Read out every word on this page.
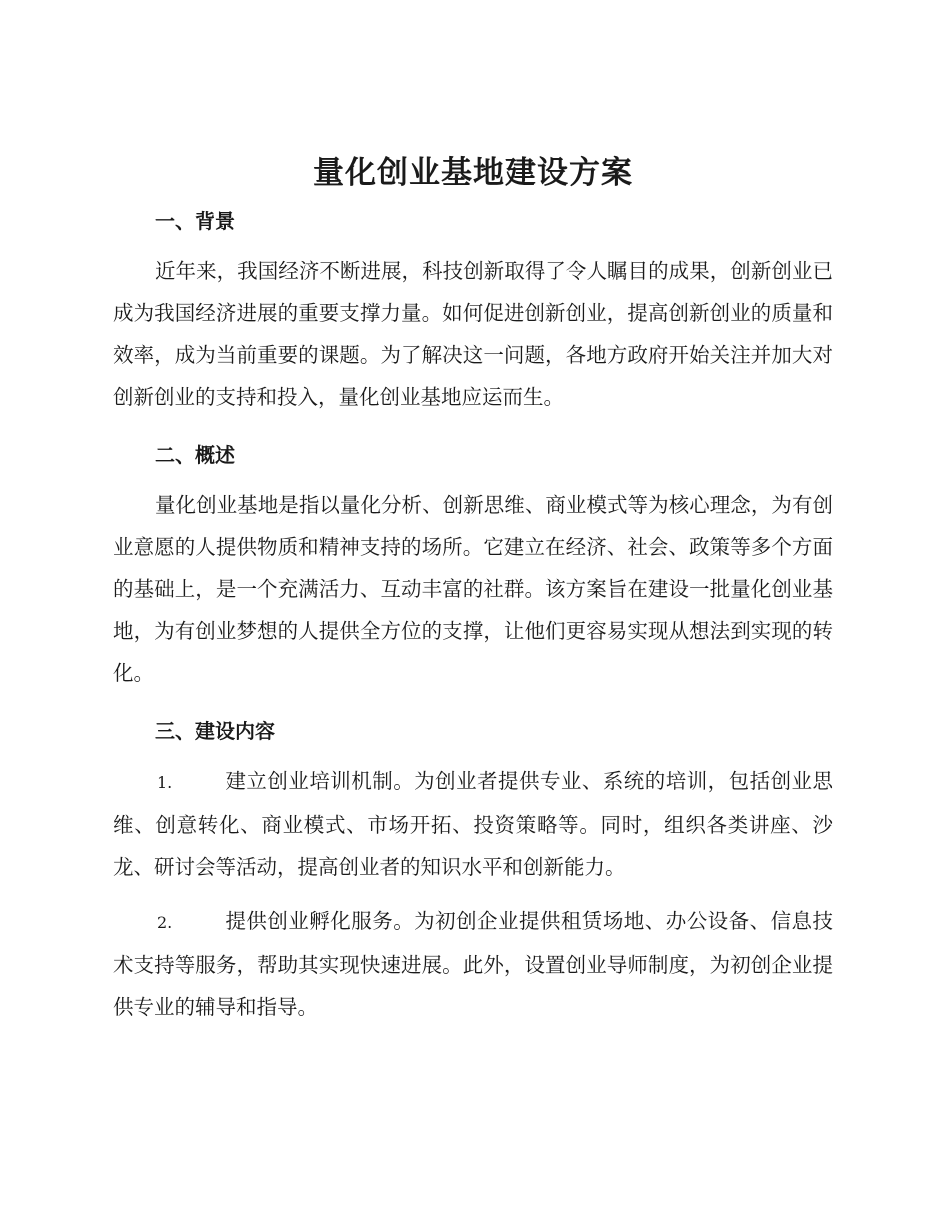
量化创业基地建设方案
一、背景

近年来，我国经济不断进展，科技创新取得了令人瞩目的成果，创新创业已成为我国经济进展的重要支撑力量。如何促进创新创业，提高创新创业的质量和效率，成为当前重要的课题。为了解决这一问题，各地方政府开始关注并加大对创新创业的支持和投入，量化创业基地应运而生。

二、概述

量化创业基地是指以量化分析、创新思维、商业模式等为核心理念，为有创业意愿的人提供物质和精神支持的场所。它建立在经济、社会、政策等多个方面的基础上，是一个充满活力、互动丰富的社群。该方案旨在建设一批量化创业基地，为有创业梦想的人提供全方位的支撑，让他们更容易实现从想法到实现的转化。

三、建设内容

1.	建立创业培训机制。为创业者提供专业、系统的培训，包括创业思维、创意转化、商业模式、市场开拓、投资策略等。同时，组织各类讲座、沙龙、研讨会等活动，提高创业者的知识水平和创新能力。

2.	提供创业孵化服务。为初创企业提供租赁场地、办公设备、信息技术支持等服务，帮助其实现快速进展。此外，设置创业导师制度，为初创企业提供专业的辅导和指导。
